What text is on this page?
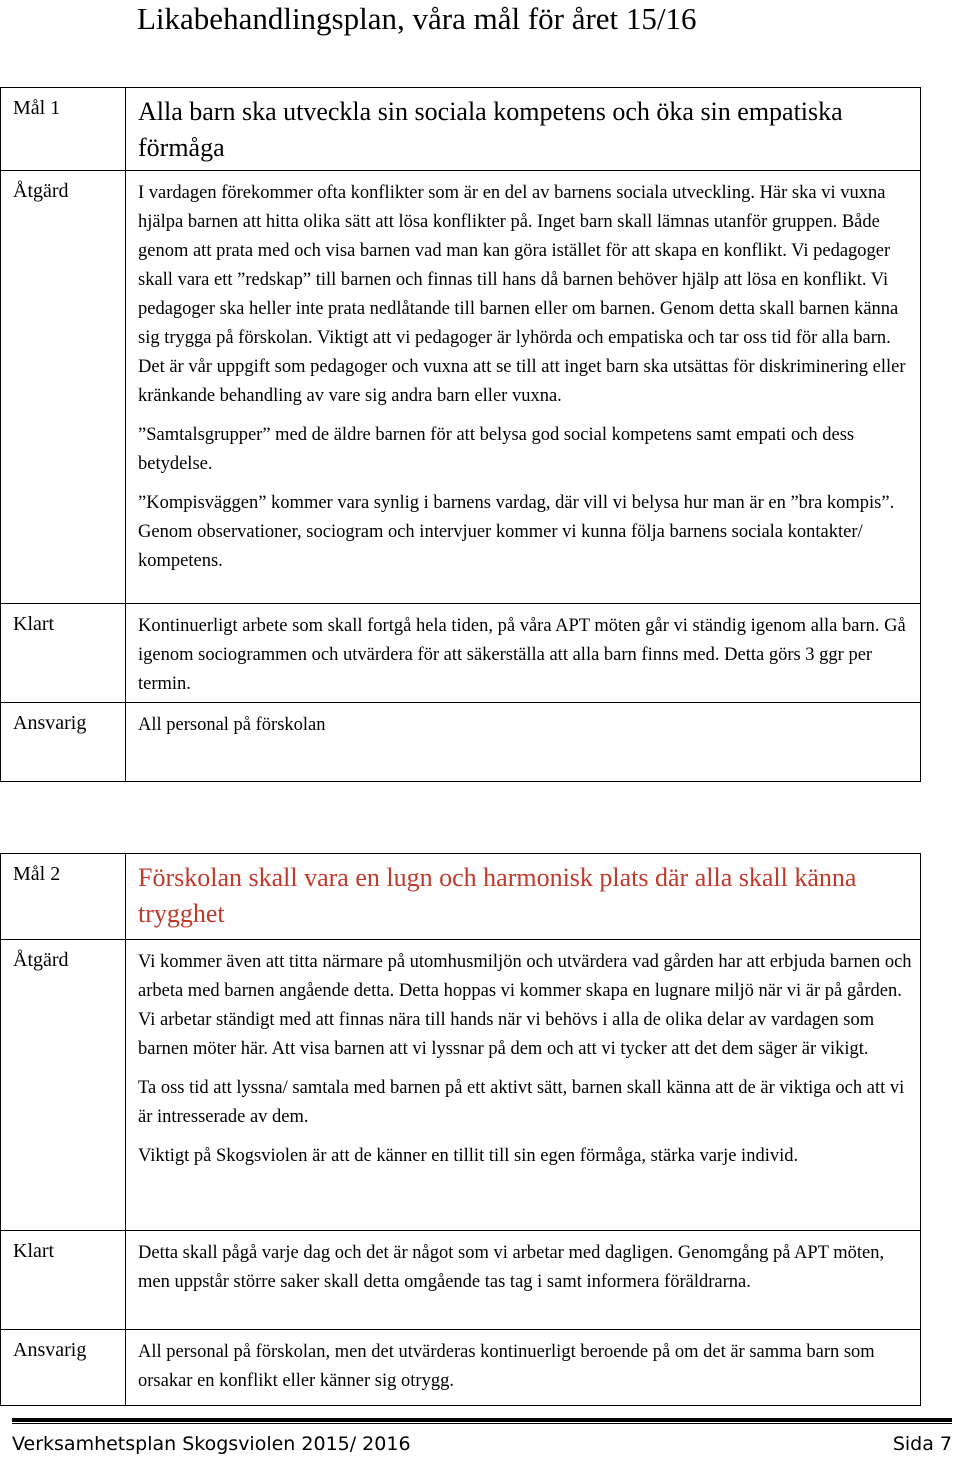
Likabehandlingsplan, våra mål för året 15/16
Mål 1	Alla barn ska utveckla sin sociala kompetens och öka sin empatiska förmåga

Åtgärd	I vardagen förekommer ofta konflikter som är en del av barnens sociala utveckling. Här ska vi vuxna hjälpa barnen att hitta olika sätt att lösa konflikter på. Inget barn skall lämnas utanför gruppen. Både genom att prata med och visa barnen vad man kan göra istället för att skapa en konflikt. Vi pedagoger skall vara ett ”redskap” till barnen och finnas till hans då barnen behöver hjälp att lösa en konflikt. Vi pedagoger ska heller inte prata nedlåtande till barnen eller om barnen. Genom detta skall barnen känna sig trygga på förskolan. Viktigt att vi pedagoger är lyhörda och empatiska och tar oss tid för alla barn. Det är vår uppgift som pedagoger och vuxna att se till att inget barn ska utsättas för diskriminering eller kränkande behandling av vare sig andra barn eller vuxna.

”Samtalsgrupper” med de äldre barnen för att belysa god social kompetens samt empati och dess betydelse.

”Kompisväggen” kommer vara synlig i barnens vardag, där vill vi belysa hur man är en ”bra kompis”. Genom observationer, sociogram och intervjuer kommer vi kunna följa barnens sociala kontakter/ kompetens.

Klart	Kontinuerligt arbete som skall fortgå hela tiden, på våra APT möten går vi ständig igenom alla barn. Gå igenom sociogrammen och utvärdera för att säkerställa att alla barn finns med. Detta görs 3 ggr per termin.

Ansvarig	All personal på förskolan

Mål 2	Förskolan skall vara en lugn och harmonisk plats där alla skall känna trygghet

Åtgärd	Vi kommer även att titta närmare på utomhusmiljön och utvärdera vad gården har att erbjuda barnen och arbeta med barnen angående detta. Detta hoppas vi kommer skapa en lugnare miljö när vi är på gården. Vi arbetar ständigt med att finnas nära till hands när vi behövs i alla de olika delar av vardagen som barnen möter här. Att visa barnen att vi lyssnar på dem och att vi tycker att det dem säger är vikigt.

Ta oss tid att lyssna/ samtala med barnen på ett aktivt sätt, barnen skall känna att de är viktiga och att vi är intresserade av dem.

Viktigt på Skogsviolen är att de känner en tillit till sin egen förmåga, stärka varje individ.

Klart	Detta skall pågå varje dag och det är något som vi arbetar med dagligen. Genomgång på APT möten, men uppstår större saker skall detta omgående tas tag i samt informera föräldrarna.

Ansvarig	All personal på förskolan, men det utvärderas kontinuerligt beroende på om det är samma barn som orsakar en konflikt eller känner sig otrygg.

Verksamhetsplan Skogsviolen 2015/ 2016	Sida 7
